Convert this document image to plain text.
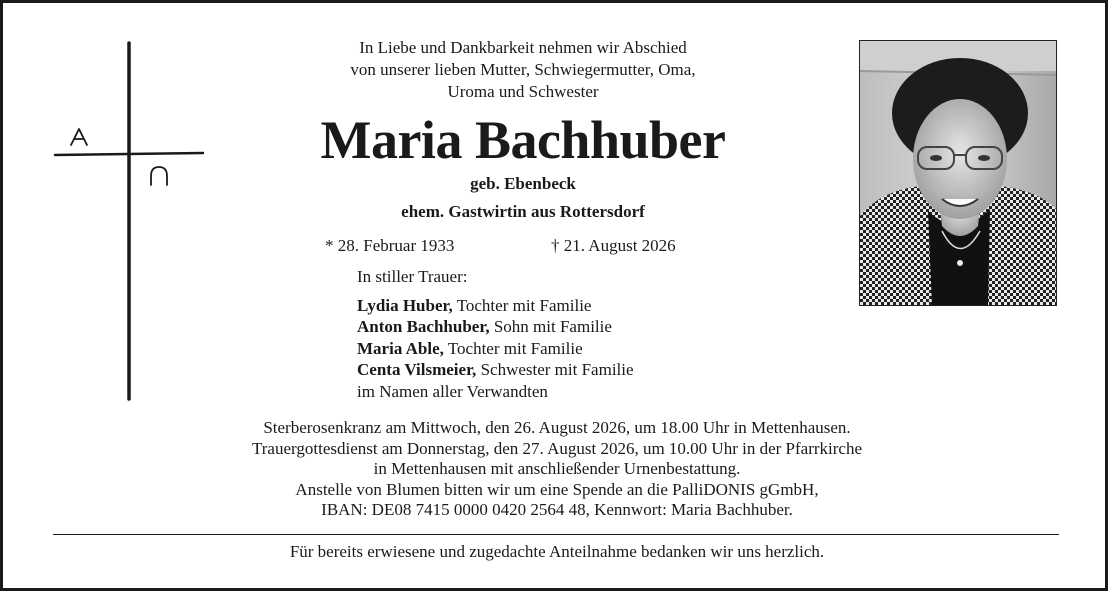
In Liebe und Dankbarkeit nehmen wir Abschied
von unserer lieben Mutter, Schwiegermutter, Oma,
Uroma und Schwester
Maria Bachhuber
geb. Ebenbeck
ehem. Gastwirtin aus Rottersdorf
* 28. Februar 1933	† 21. August 2026
In stiller Trauer:
Lydia Huber, Tochter mit Familie
Anton Bachhuber, Sohn mit Familie
Maria Able, Tochter mit Familie
Centa Vilsmeier, Schwester mit Familie
im Namen aller Verwandten
Sterberosenkranz am Mittwoch, den 26. August 2026, um 18.00 Uhr in Mettenhausen.
Trauergottesdienst am Donnerstag, den 27. August 2026, um 10.00 Uhr in der Pfarrkirche
in Mettenhausen mit anschließender Urnenbestattung.
Anstelle von Blumen bitten wir um eine Spende an die PalliDONIS gGmbH,
IBAN: DE08 7415 0000 0420 2564 48, Kennwort: Maria Bachhuber.
Für bereits erwiesene und zugedachte Anteilnahme bedanken wir uns herzlich.
